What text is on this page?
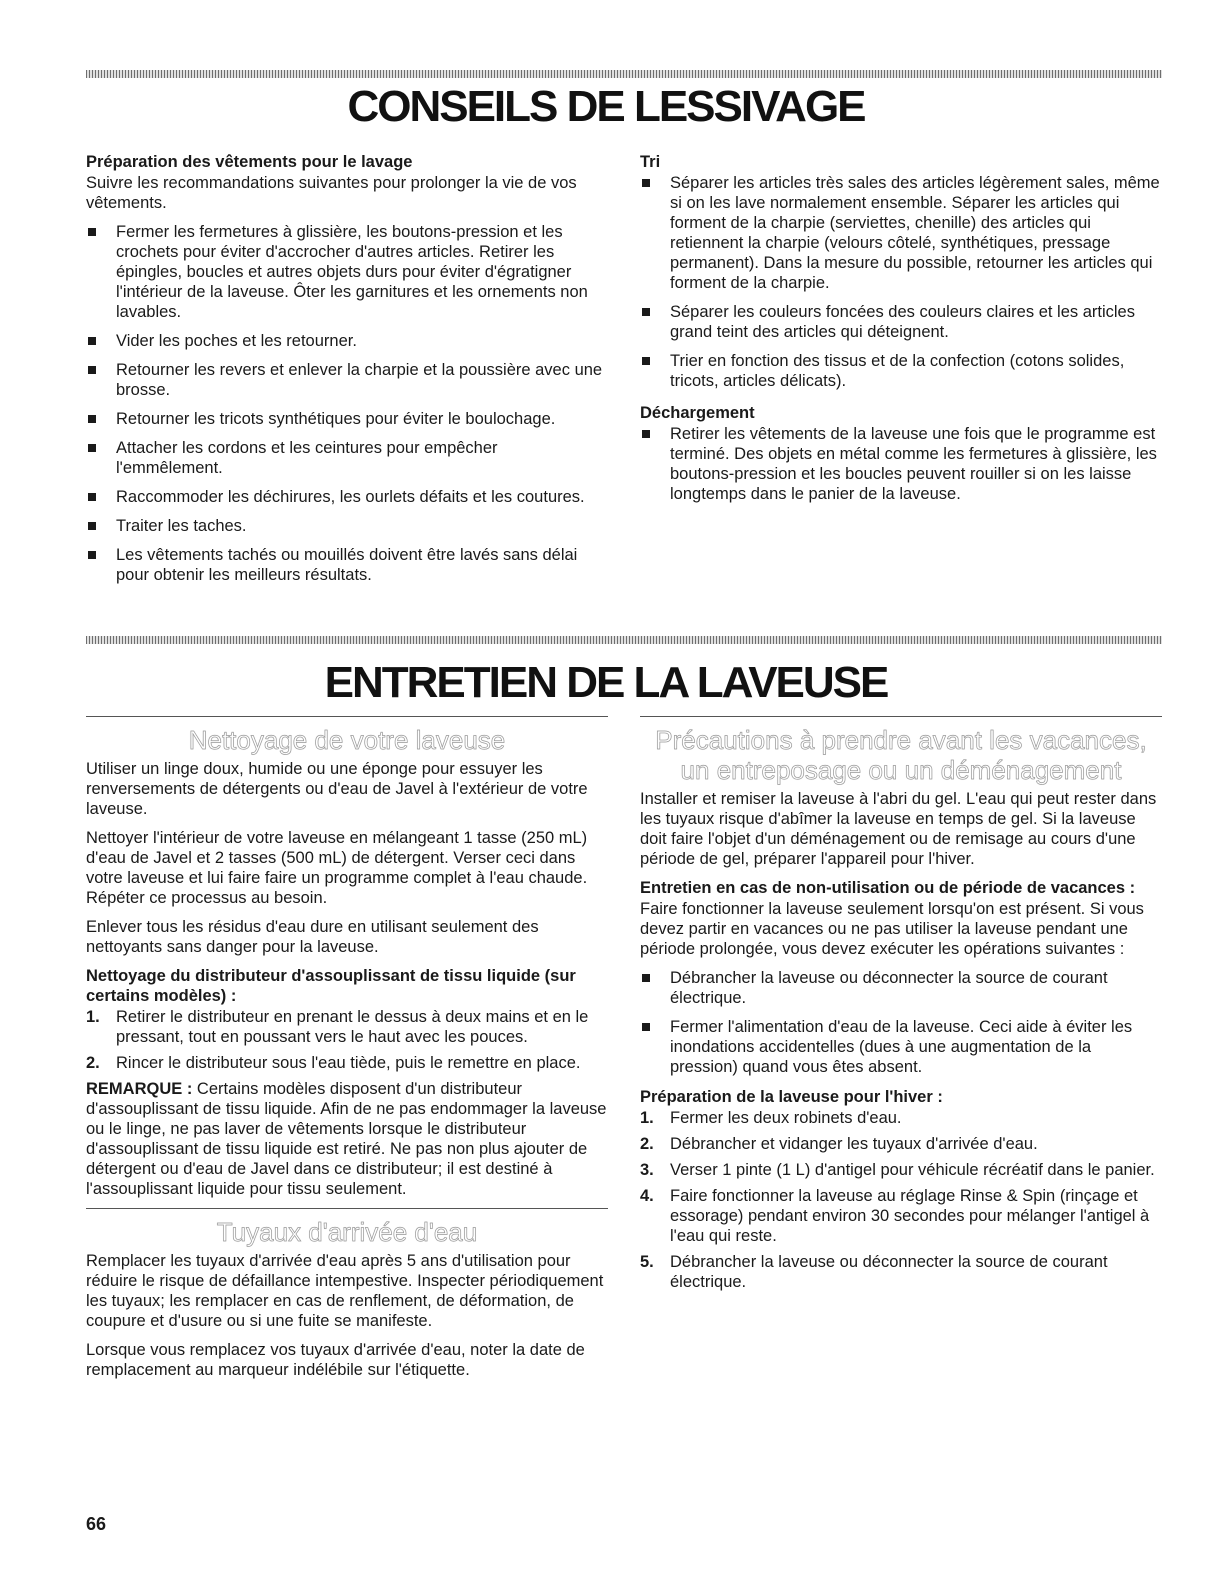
CONSEILS DE LESSIVAGE
Préparation des vêtements pour le lavage

Suivre les recommandations suivantes pour prolonger la vie de vos vêtements.

Fermer les fermetures à glissière, les boutons-pression et les crochets pour éviter d'accrocher d'autres articles. Retirer les épingles, boucles et autres objets durs pour éviter d'égratigner l'intérieur de la laveuse. Ôter les garnitures et les ornements non lavables.
Vider les poches et les retourner.
Retourner les revers et enlever la charpie et la poussière avec une brosse.
Retourner les tricots synthétiques pour éviter le boulochage.
Attacher les cordons et les ceintures pour empêcher l'emmêlement.
Raccommoder les déchirures, les ourlets défaits et les coutures.
Traiter les taches.
Les vêtements tachés ou mouillés doivent être lavés sans délai pour obtenir les meilleurs résultats.
Tri
Séparer les articles très sales des articles légèrement sales, même si on les lave normalement ensemble. Séparer les articles qui forment de la charpie (serviettes, chenille) des articles qui retiennent la charpie (velours côtelé, synthétiques, pressage permanent). Dans la mesure du possible, retourner les articles qui forment de la charpie.
Séparer les couleurs foncées des couleurs claires et les articles grand teint des articles qui déteignent.
Trier en fonction des tissus et de la confection (cotons solides, tricots, articles délicats).
Déchargement
Retirer les vêtements de la laveuse une fois que le programme est terminé. Des objets en métal comme les fermetures à glissière, les boutons-pression et les boucles peuvent rouiller si on les laisse longtemps dans le panier de la laveuse.
ENTRETIEN DE LA LAVEUSE
Nettoyage de votre laveuse

Utiliser un linge doux, humide ou une éponge pour essuyer les renversements de détergents ou d'eau de Javel à l'extérieur de votre laveuse.

Nettoyer l'intérieur de votre laveuse en mélangeant 1 tasse (250 mL) d'eau de Javel et 2 tasses (500 mL) de détergent. Verser ceci dans votre laveuse et lui faire faire un programme complet à l'eau chaude. Répéter ce processus au besoin.

Enlever tous les résidus d'eau dure en utilisant seulement des nettoyants sans danger pour la laveuse.

Nettoyage du distributeur d'assouplissant de tissu liquide (sur certains modèles) :
1. Retirer le distributeur en prenant le dessus à deux mains et en le pressant, tout en poussant vers le haut avec les pouces.
2. Rincer le distributeur sous l'eau tiède, puis le remettre en place.

REMARQUE : Certains modèles disposent d'un distributeur d'assouplissant de tissu liquide. Afin de ne pas endommager la laveuse ou le linge, ne pas laver de vêtements lorsque le distributeur d'assouplissant de tissu liquide est retiré. Ne pas non plus ajouter de détergent ou d'eau de Javel dans ce distributeur; il est destiné à l'assouplissant liquide pour tissu seulement.

Tuyaux d'arrivée d'eau

Remplacer les tuyaux d'arrivée d'eau après 5 ans d'utilisation pour réduire le risque de défaillance intempestive. Inspecter périodiquement les tuyaux; les remplacer en cas de renflement, de déformation, de coupure et d'usure ou si une fuite se manifeste.

Lorsque vous remplacez vos tuyaux d'arrivée d'eau, noter la date de remplacement au marqueur indélébile sur l'étiquette.

Précautions à prendre avant les vacances,
un entreposage ou un déménagement

Installer et remiser la laveuse à l'abri du gel. L'eau qui peut rester dans les tuyaux risque d'abîmer la laveuse en temps de gel. Si la laveuse doit faire l'objet d'un déménagement ou de remisage au cours d'une période de gel, préparer l'appareil pour l'hiver.

Entretien en cas de non-utilisation ou de période de vacances :

Faire fonctionner la laveuse seulement lorsqu'on est présent. Si vous devez partir en vacances ou ne pas utiliser la laveuse pendant une période prolongée, vous devez exécuter les opérations suivantes :

Débrancher la laveuse ou déconnecter la source de courant électrique.
Fermer l'alimentation d'eau de la laveuse. Ceci aide à éviter les inondations accidentelles (dues à une augmentation de la pression) quand vous êtes absent.
Préparation de la laveuse pour l'hiver :
1. Fermer les deux robinets d'eau.
2. Débrancher et vidanger les tuyaux d'arrivée d'eau.
3. Verser 1 pinte (1 L) d'antigel pour véhicule récréatif dans le panier.
4. Faire fonctionner la laveuse au réglage Rinse & Spin (rinçage et essorage) pendant environ 30 secondes pour mélanger l'antigel à l'eau qui reste.
5. Débrancher la laveuse ou déconnecter la source de courant électrique.
66
